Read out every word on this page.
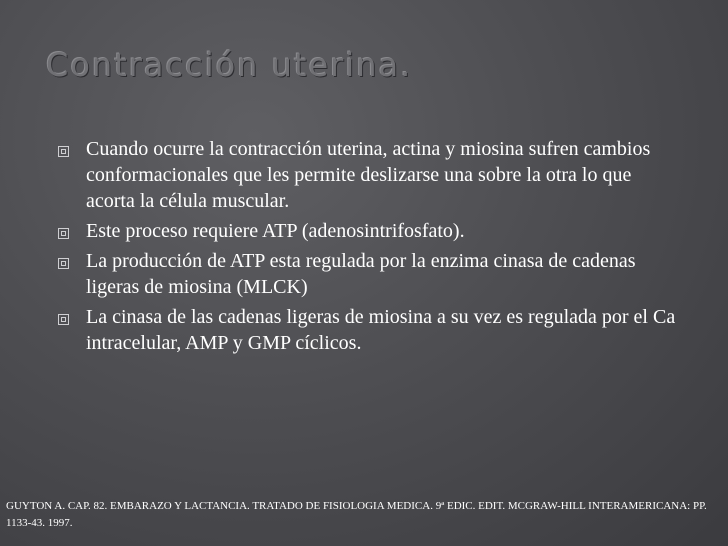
Contracción uterina.
Cuando ocurre la contracción uterina, actina y miosina sufren cambios conformacionales que les permite deslizarse una sobre la otra lo que acorta la célula muscular.
Este proceso requiere ATP (adenosintrifosfato).
La producción de ATP esta regulada por la enzima cinasa de cadenas ligeras de miosina (MLCK)
La cinasa de las cadenas ligeras de miosina a su vez es regulada por el Ca intracelular, AMP y GMP cíclicos.

GUYTON A. CAP. 82. EMBARAZO Y LACTANCIA. TRATADO DE FISIOLOGIA MEDICA. 9ª EDIC. EDIT. MCGRAW-HILL INTERAMERICANA: PP. 1133-43. 1997.
